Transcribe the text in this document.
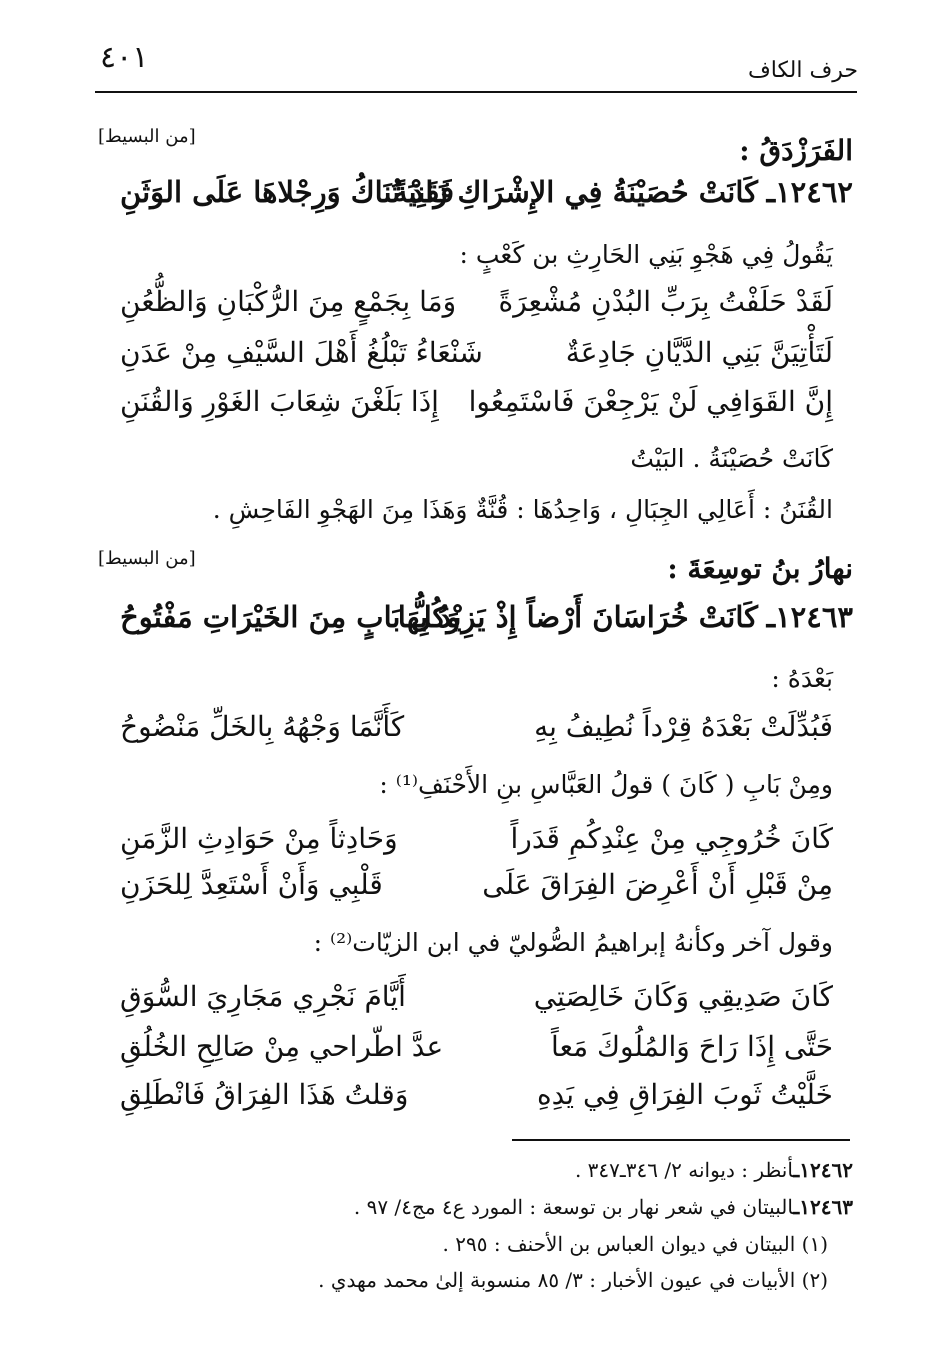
٤٠١	حرف الكاف
[من البسيط]	الفَرَزْدَقُ :
١٢٤٦٢ـ
كَانَتْ حُصَيْنَةُ فِي الإِشْرَاكِ زَانِيَةً
فَقَدْ تُنَاكُ وَرِجْلاهَا عَلَى الوَثَنِ
يَقُولُ فِي هَجْوِ بَنِي الحَارِثِ بن كَعْبٍ :
لَقَدْ حَلَفْتُ بِرَبِّ البُدْنِ مُشْعِرَةً
وَمَا بِجَمْعٍ مِنَ الرُّكْبَانِ وَالظُّعُنِ
لَتَأْتِيَنَّ بَنِي الدَّيَّانِ جَادِعَةٌ
شَنْعَاءُ تَبْلُغُ أَهْلَ السَّيْفِ مِنْ عَدَنِ
إِنَّ القَوَافِي لَنْ يَرْجِعْنَ فَاسْتَمِعُوا
إِذَا بَلَغْنَ شِعَابَ الغَوْرِ وَالقُنَنِ
كَانَتْ حُصَيْنَةُ . البَيْتُ
القُنَنُ : أَعَالِي الجِبَالِ ، وَاحِدُهَا : قُنَّةٌ وَهَذَا مِنَ الهَجْوِ الفَاحِشِ .
[من البسيط]	نهارُ بنُ توسِعَةَ :
١٢٤٦٣ـ
كَانَتْ خُرَاسَانَ أَرْضاً إِذْ يَزِيْدُ بِهَا
وَكُلُّ بَابٍ مِنَ الخَيْرَاتِ مَفْتُوحُ
بَعْدَهُ :
فَبُدِّلَتْ بَعْدَهُ قِرْداً نُطِيفُ بِهِ
كَأَنَّمَا وَجْهُهُ بِالخَلِّ مَنْضُوحُ
ومِنْ بَابِ ( كَانَ ) قولُ العَبَّاسِ بنِ الأَحْنَفِ⁽¹⁾ :
كَانَ خُرُوجِي مِنْ عِنْدِكُمِ قَدَراً
وَحَادِثاً مِنْ حَوَادِثِ الزَّمَنِ
مِنْ قَبْلِ أَنْ أَعْرِضَ الفِرَاقَ عَلَى
قَلْبِي وَأَنْ أَسْتَعِدَّ لِلحَزَنِ
وقول آخر وكأنهُ إبراهيمُ الصُّوليّ في ابن الزيّات⁽²⁾ :
كَانَ صَدِيقِي وَكَانَ خَالِصَتِي
أَيَّامَ نَجْرِي مَجَارِيَ السُّوَقِ
حَتَّى إِذَا رَاحَ وَالمُلُوكَ مَعاً
عدَّ اطّراحي مِنْ صَالِحِ الخُلُقِ
خَلَّيْتُ ثَوبَ الفِرَاقِ فِي يَدِهِ
وَقلتُ هَذَا الفِرَاقُ فَانْطَلِقِ
١٢٤٦٢ـأنظر : ديوانه ٢/ ٣٤٦ـ٣٤٧ .
١٢٤٦٣ـالبيتان في شعر نهار بن توسعة : المورد ع٤ مج٤/ ٩٧ .
(١) البيتان في ديوان العباس بن الأحنف : ٢٩٥ .
(٢) الأبيات في عيون الأخبار : ٣/ ٨٥ منسوبة إلىٰ محمد مهدي .
